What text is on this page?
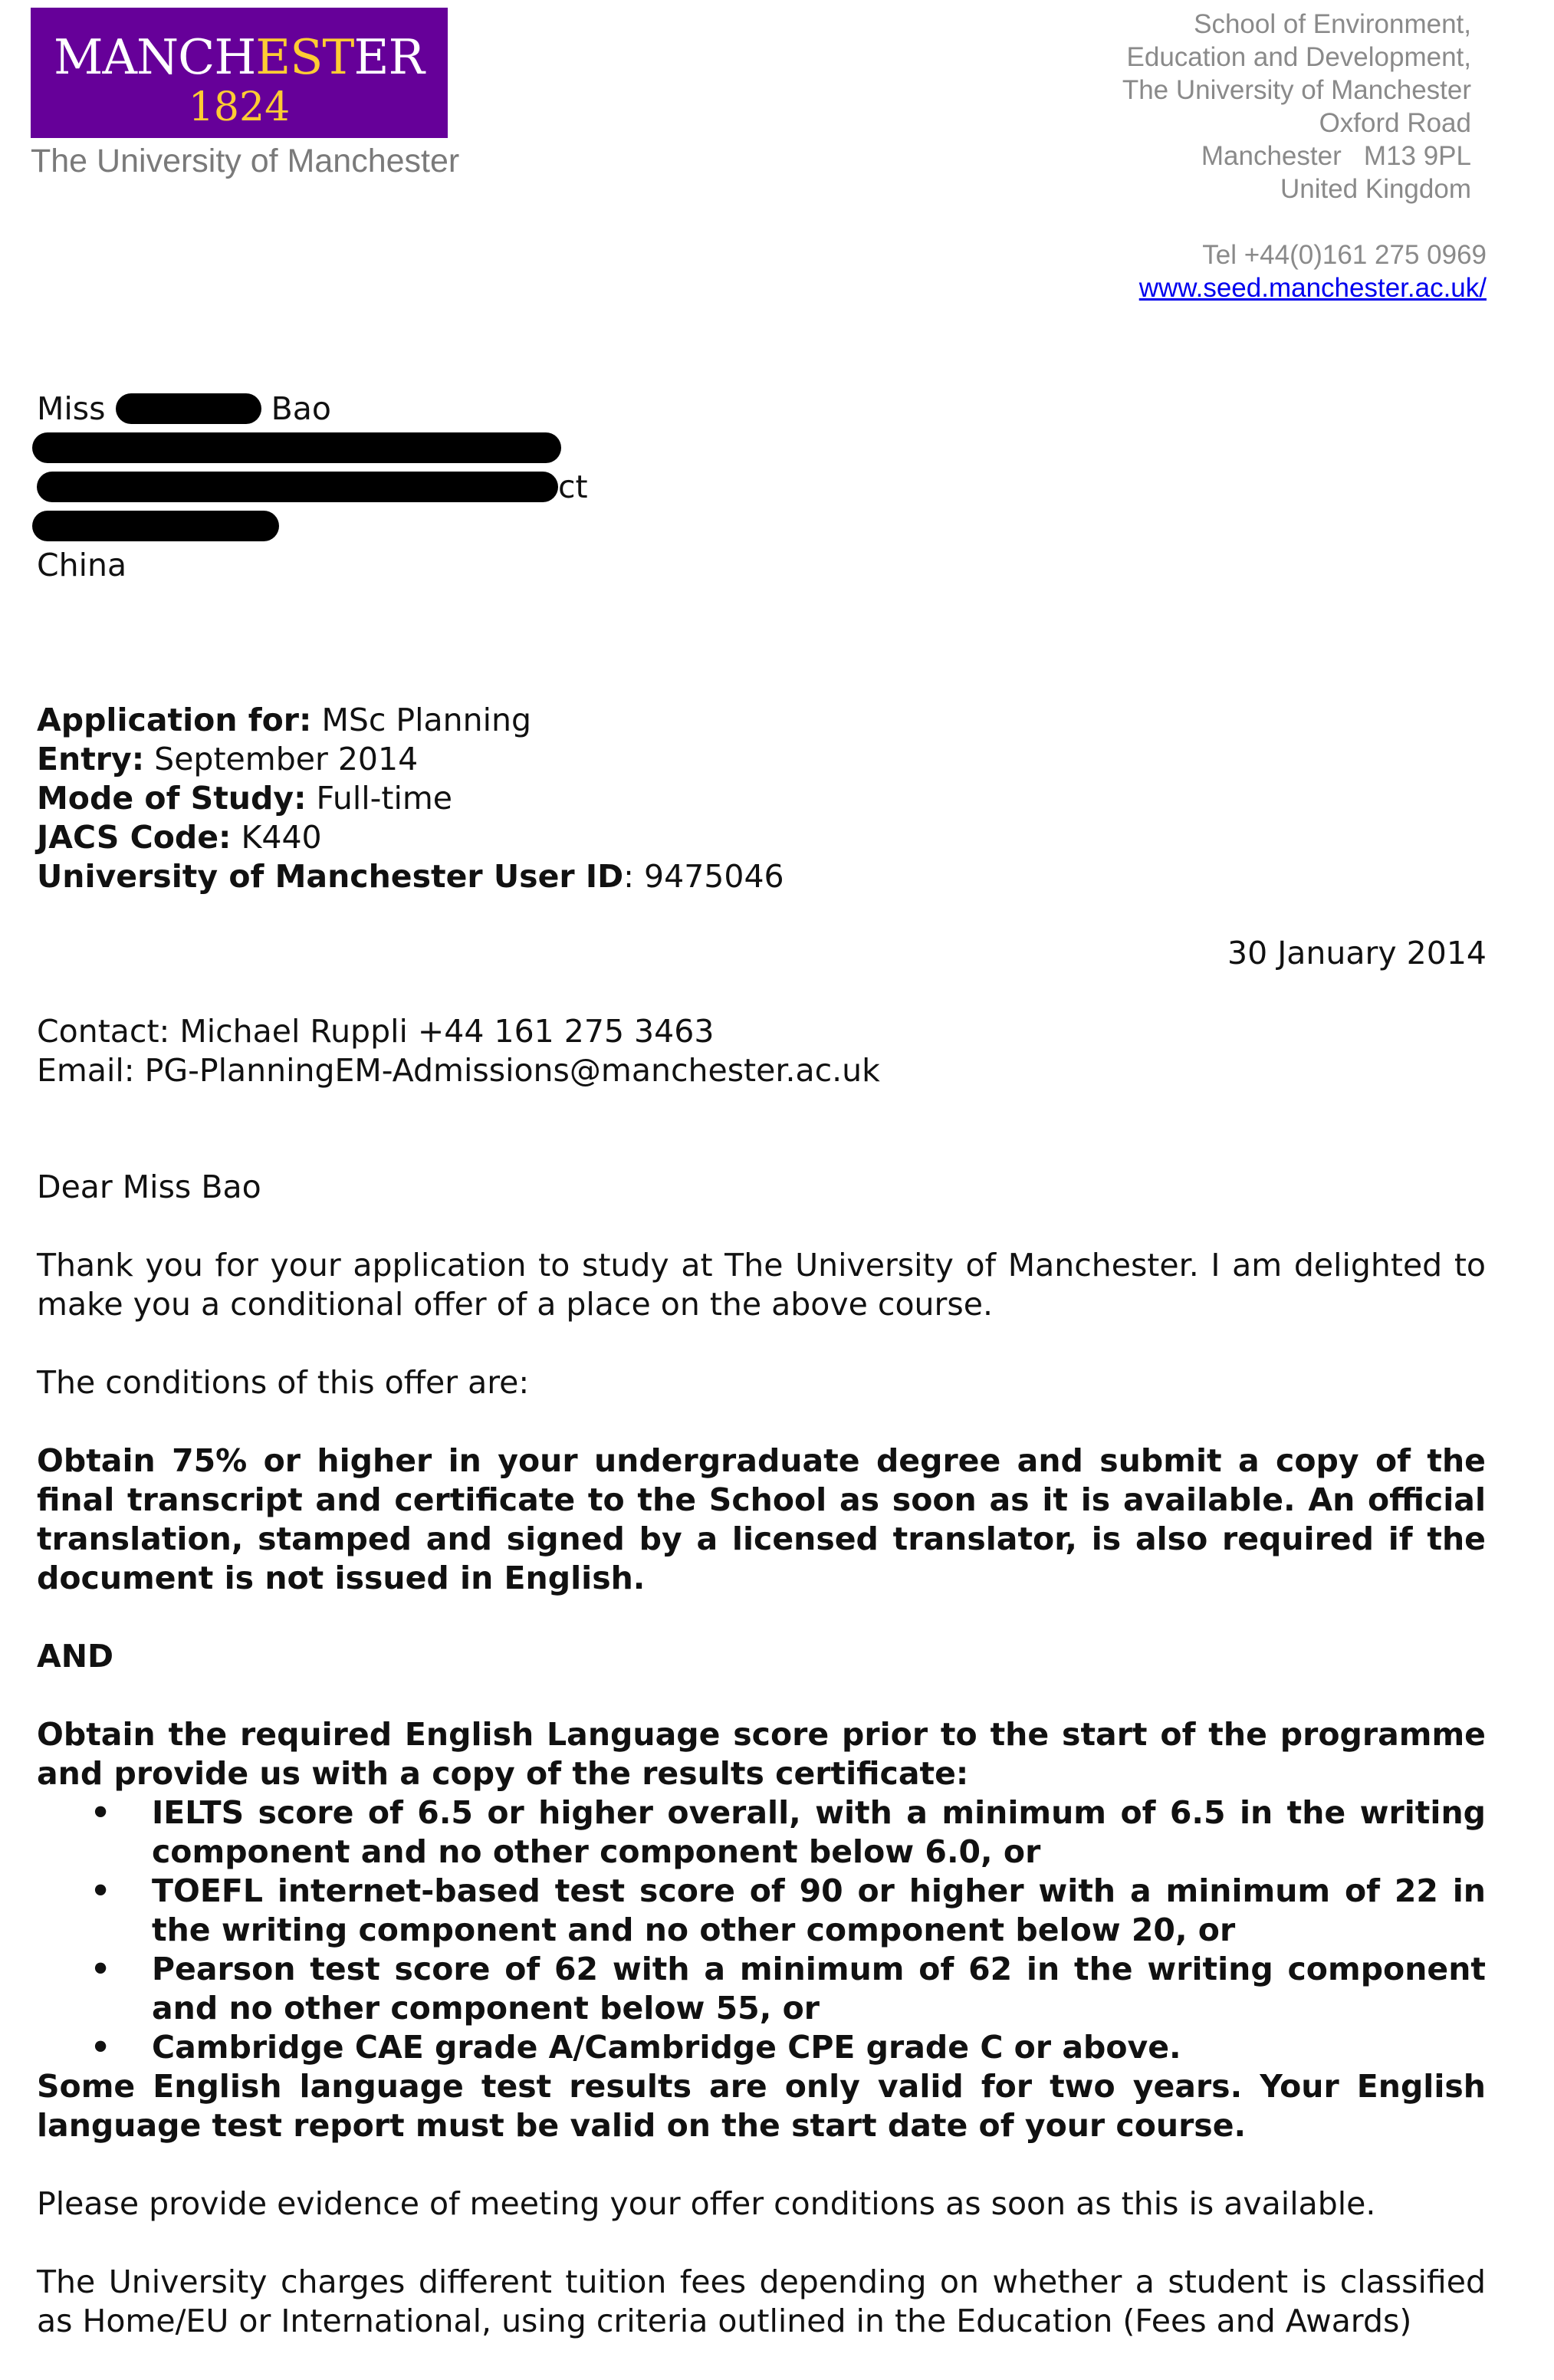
MANCHESTER
1824
The University of Manchester
School of Environment,
Education and Development,
The University of Manchester
Oxford Road
Manchester   M13 9PL
United Kingdom
Tel +44(0)161 275 0969
www.seed.manchester.ac.uk/
Miss	Bao
ct
China
Application for: MSc Planning
Entry: September 2014
Mode of Study: Full-time
JACS Code: K440
University of Manchester User ID: 9475046
30 January 2014
Contact: Michael Ruppli +44 161 275 3463
Email: PG-PlanningEM-Admissions@manchester.ac.uk

Dear Miss Bao

Thank you for your application to study at The University of Manchester. I am delighted to make you a conditional offer of a place on the above course.

The conditions of this offer are:

Obtain 75% or higher in your undergraduate degree and submit a copy of the final transcript and certificate to the School as soon as it is available. An official translation, stamped and signed by a licensed translator, is also required if the document is not issued in English.

AND

Obtain the required English Language score prior to the start of the programme and provide us with a copy of the results certificate:
• IELTS score of 6.5 or higher overall, with a minimum of 6.5 in the writing component and no other component below 6.0, or
• TOEFL internet-based test score of 90 or higher with a minimum of 22 in the writing component and no other component below 20, or
• Pearson test score of 62 with a minimum of 62 in the writing component and no other component below 55, or
• Cambridge CAE grade A/Cambridge CPE grade C or above.

Some English language test results are only valid for two years. Your English language test report must be valid on the start date of your course.

Please provide evidence of meeting your offer conditions as soon as this is available.

The University charges different tuition fees depending on whether a student is classified as Home/EU or International, using criteria outlined in the Education (Fees and Awards)
